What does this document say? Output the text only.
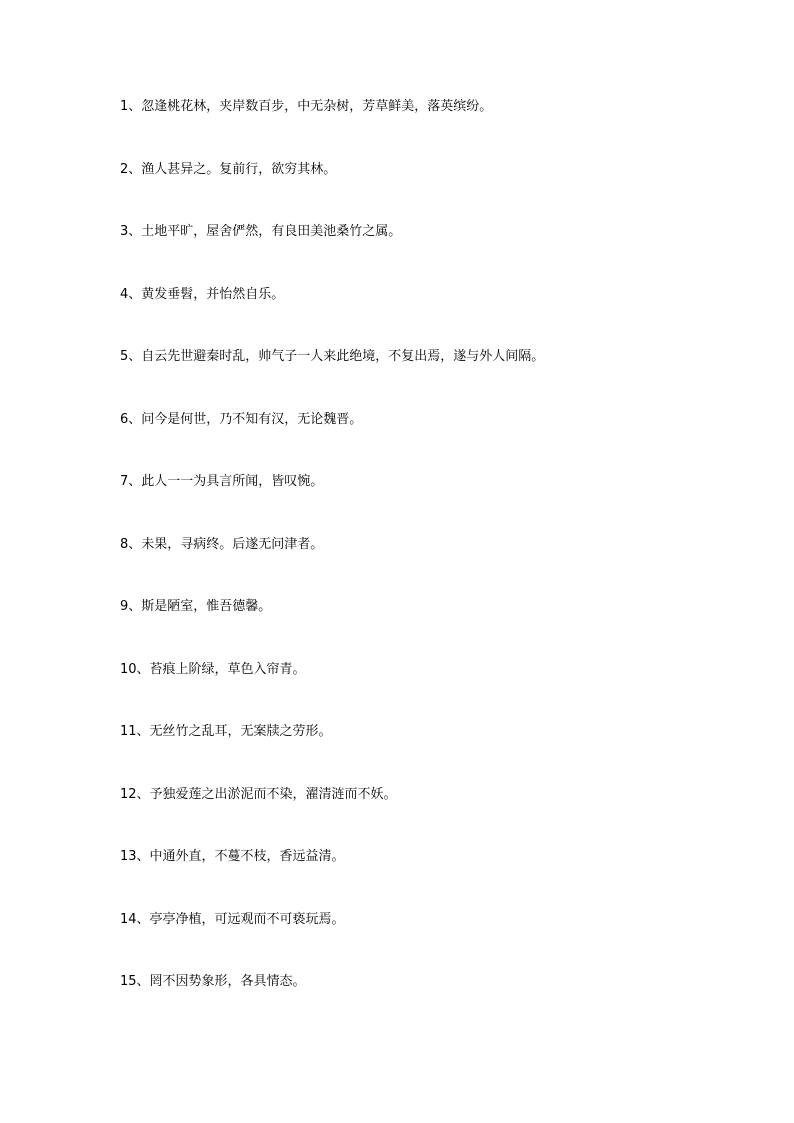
1、忽逢桃花林，夹岸数百步，中无杂树，芳草鲜美，落英缤纷。
2、渔人甚异之。复前行，欲穷其林。
3、土地平旷，屋舍俨然，有良田美池桑竹之属。
4、黄发垂髫，并怡然自乐。
5、自云先世避秦时乱，帅气子一人来此绝境，不复出焉，遂与外人间隔。
6、问今是何世，乃不知有汉，无论魏晋。
7、此人一一为具言所闻，皆叹惋。
8、未果，寻病终。后遂无问津者。
9、斯是陋室，惟吾德馨。
10、苔痕上阶绿，草色入帘青。
11、无丝竹之乱耳，无案牍之劳形。
12、予独爱莲之出淤泥而不染，濯清涟而不妖。
13、中通外直，不蔓不枝，香远益清。
14、亭亭净植，可远观而不可亵玩焉。
15、罔不因势象形，各具情态。
